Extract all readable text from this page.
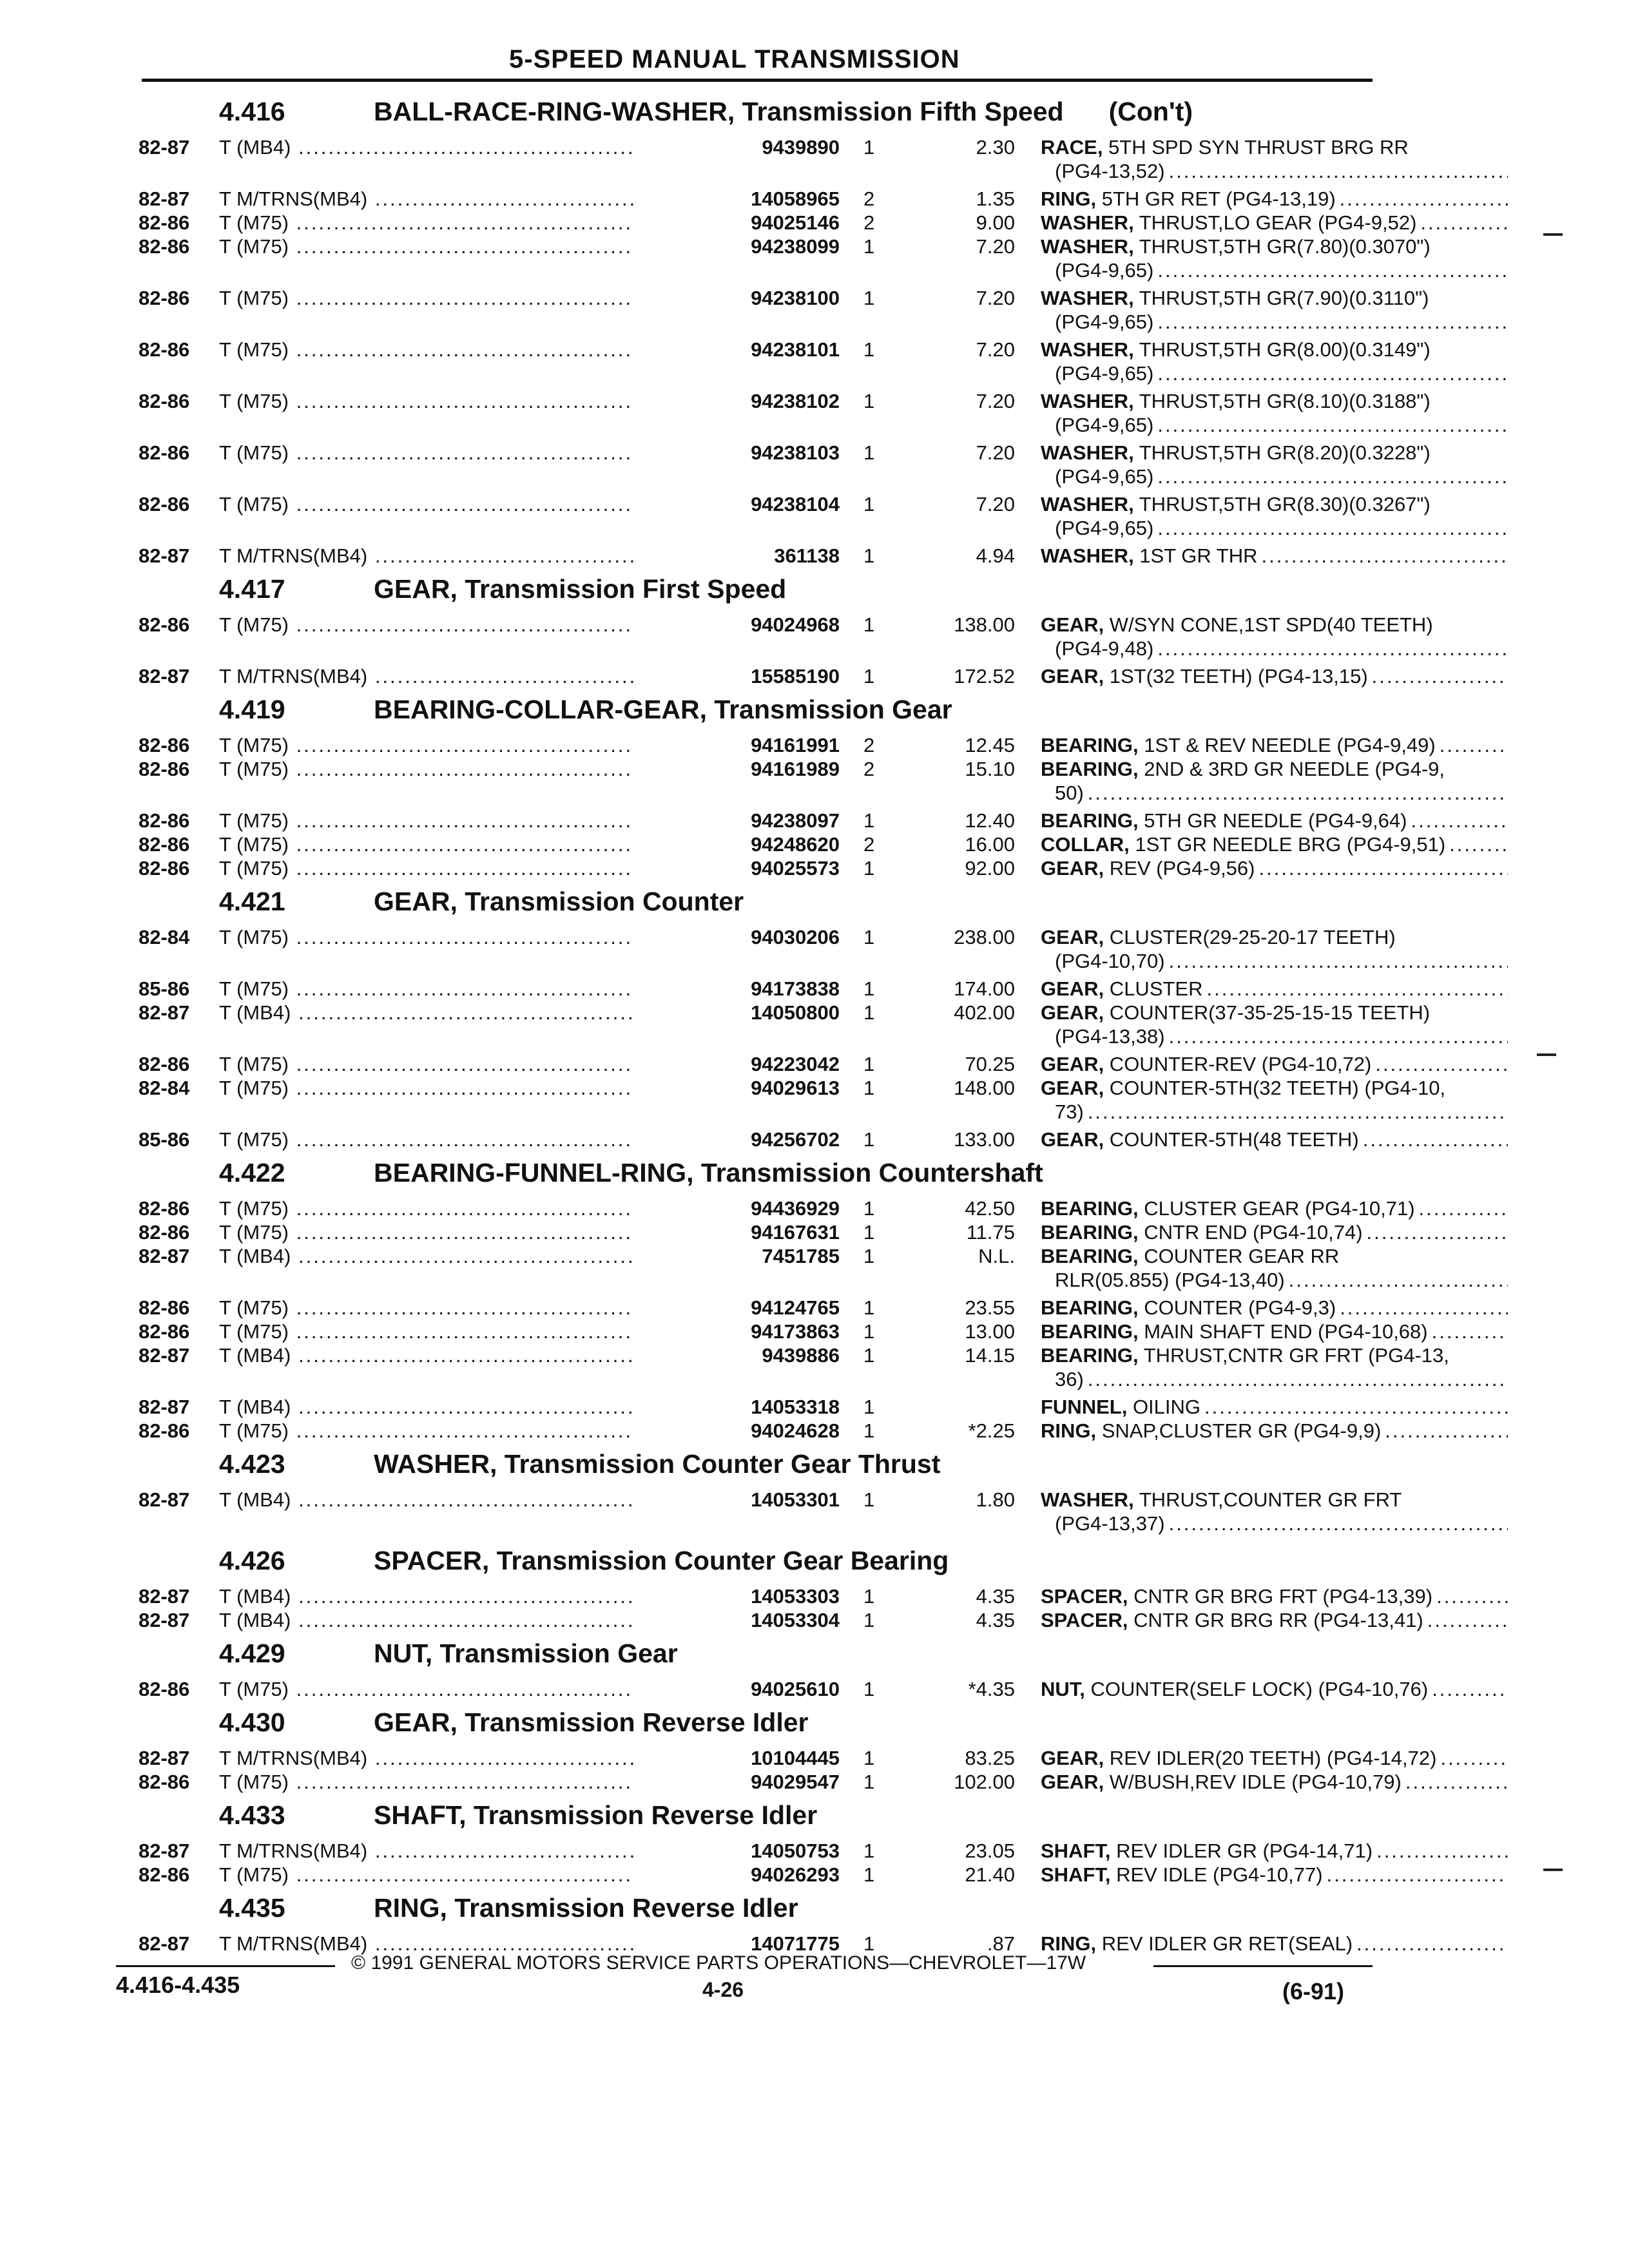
5-SPEED MANUAL TRANSMISSION
4.416	BALL-RACE-RING-WASHER, Transmission Fifth Speed (Con't)
82-87 T (MB4) .....	9439890 1	2.30 RACE, 5TH SPD SYN THRUST BRG RR
(PG4-13,52)
.....
82-87 T M/TRNS(MB4) .....	14058965 2	1.35 RING, 5TH GR RET (PG4-13,19)
.....
82-86 T (M75) .....	94025146 2	9.00 WASHER, THRUST,LO GEAR (PG4-9,52)
.....
82-86 T (M75) .....	94238099 1	7.20 WASHER, THRUST,5TH GR(7.80)(0.3070")
(PG4-9,65)
.....
82-86 T (M75) .....	94238100 1	7.20 WASHER, THRUST,5TH GR(7.90)(0.3110")
(PG4-9,65)
.....
82-86 T (M75) .....	94238101 1	7.20 WASHER, THRUST,5TH GR(8.00)(0.3149")
(PG4-9,65)
.....
82-86 T (M75) .....	94238102 1	7.20 WASHER, THRUST,5TH GR(8.10)(0.3188")
(PG4-9,65)
.....
82-86 T (M75) .....	94238103 1	7.20 WASHER, THRUST,5TH GR(8.20)(0.3228")
(PG4-9,65)
.....
82-86 T (M75) .....	94238104 1	7.20 WASHER, THRUST,5TH GR(8.30)(0.3267")
(PG4-9,65)
.....
82-87 T M/TRNS(MB4) .....	361138 1	4.94 WASHER, 1ST GR THR
.....
4.417	GEAR, Transmission First Speed
82-86 T (M75) .....	94024968 1	138.00 GEAR, W/SYN CONE,1ST SPD(40 TEETH)
(PG4-9,48)
.....
82-87 T M/TRNS(MB4) .....	15585190 1	172.52 GEAR, 1ST(32 TEETH) (PG4-13,15)
.....
4.419	BEARING-COLLAR-GEAR, Transmission Gear
82-86 T (M75) .....	94161991 2	12.45 BEARING, 1ST & REV NEEDLE (PG4-9,49)
.....
82-86 T (M75) .....	94161989 2	15.10 BEARING, 2ND & 3RD GR NEEDLE (PG4-9,
50)
.....
82-86 T (M75) .....	94238097 1	12.40 BEARING, 5TH GR NEEDLE (PG4-9,64)
.....
82-86 T (M75) .....	94248620 2	16.00 COLLAR, 1ST GR NEEDLE BRG (PG4-9,51)
.....
82-86 T (M75) .....	94025573 1	92.00 GEAR, REV (PG4-9,56)
.....
4.421	GEAR, Transmission Counter
82-84 T (M75) .....	94030206 1	238.00 GEAR, CLUSTER(29-25-20-17 TEETH)
(PG4-10,70)
.....
85-86 T (M75) .....	94173838 1	174.00 GEAR, CLUSTER
.....
82-87 T (MB4) .....	14050800 1	402.00 GEAR, COUNTER(37-35-25-15-15 TEETH)
(PG4-13,38)
.....
82-86 T (M75) .....	94223042 1	70.25 GEAR, COUNTER-REV (PG4-10,72)
.....
82-84 T (M75) .....	94029613 1	148.00 GEAR, COUNTER-5TH(32 TEETH) (PG4-10,
73)
.....
85-86 T (M75) .....	94256702 1	133.00 GEAR, COUNTER-5TH(48 TEETH)
.....
4.422	BEARING-FUNNEL-RING, Transmission Countershaft
82-86 T (M75) .....	94436929 1	42.50 BEARING, CLUSTER GEAR (PG4-10,71)
.....
82-86 T (M75) .....	94167631 1	11.75 BEARING, CNTR END (PG4-10,74)
.....
82-87 T (MB4) .....	7451785 1	N.L. BEARING, COUNTER GEAR RR
RLR(05.855) (PG4-13,40)
.....
82-86 T (M75) .....	94124765 1	23.55 BEARING, COUNTER (PG4-9,3)
.....
82-86 T (M75) .....	94173863 1	13.00 BEARING, MAIN SHAFT END (PG4-10,68)
.....
82-87 T (MB4) .....	9439886 1	14.15 BEARING, THRUST,CNTR GR FRT (PG4-13,
36)
.....
82-87 T (MB4) .....	14053318 1	FUNNEL, OILING
.....
82-86 T (M75) .....	94024628 1	*2.25 RING, SNAP,CLUSTER GR (PG4-9,9)
.....
4.423	WASHER, Transmission Counter Gear Thrust
82-87 T (MB4) .....	14053301 1	1.80 WASHER, THRUST,COUNTER GR FRT
(PG4-13,37)
.....
4.426	SPACER, Transmission Counter Gear Bearing
82-87 T (MB4) .....	14053303 1	4.35 SPACER, CNTR GR BRG FRT (PG4-13,39)
.....
82-87 T (MB4) .....	14053304 1	4.35 SPACER, CNTR GR BRG RR (PG4-13,41)
.....
4.429	NUT, Transmission Gear
82-86 T (M75) .....	94025610 1	*4.35 NUT, COUNTER(SELF LOCK) (PG4-10,76)
.....
4.430	GEAR, Transmission Reverse Idler
82-87 T M/TRNS(MB4) .....	10104445 1	83.25 GEAR, REV IDLER(20 TEETH) (PG4-14,72)
.....
82-86 T (M75) .....	94029547 1	102.00 GEAR, W/BUSH,REV IDLE (PG4-10,79)
.....
4.433	SHAFT, Transmission Reverse Idler
82-87 T M/TRNS(MB4) .....	14050753 1	23.05 SHAFT, REV IDLER GR (PG4-14,71)
.....
82-86 T (M75) .....	94026293 1	21.40 SHAFT, REV IDLE (PG4-10,77)
.....
4.435	RING, Transmission Reverse Idler
82-87 T M/TRNS(MB4) .....	14071775 1	.87 RING, REV IDLER GR RET(SEAL)
.....
© 1991 GENERAL MOTORS SERVICE PARTS OPERATIONS—CHEVROLET—17W
4.416-4.435	4-26	(6-91)
